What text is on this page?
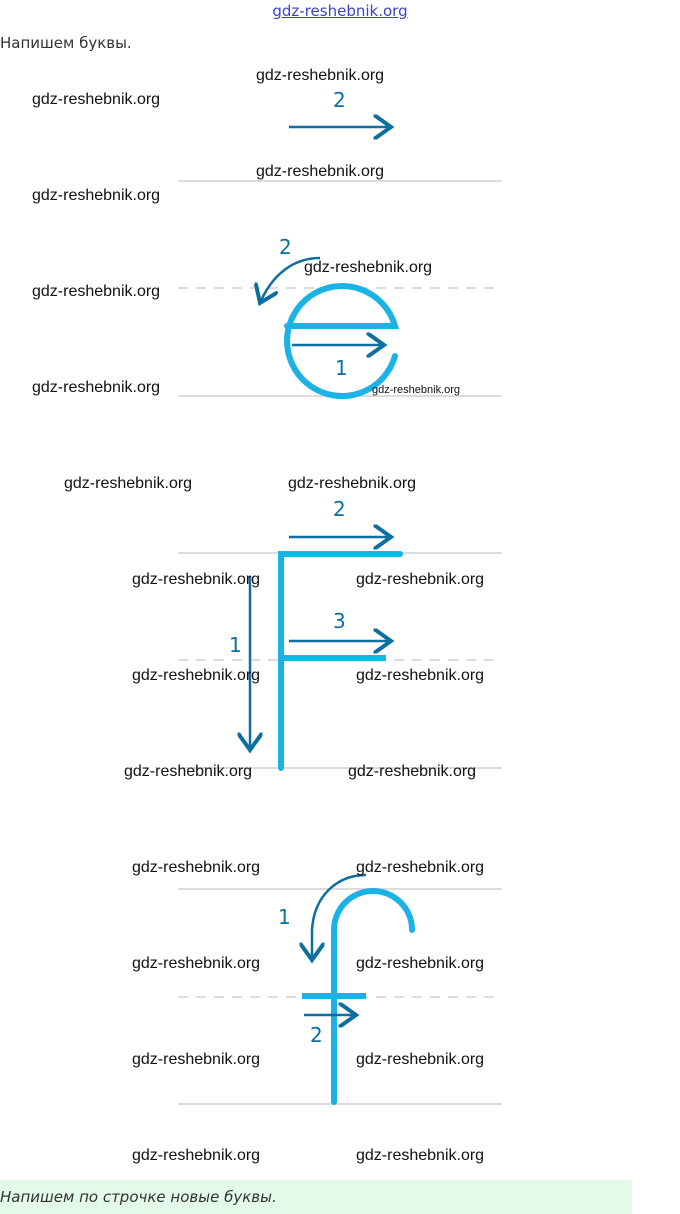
gdz-reshebnik.org
Напишем буквы.
2
2
1
2
3
1
1
2
gdz-reshebnik.org
gdz-reshebnik.org
gdz-reshebnik.org
gdz-reshebnik.org
gdz-reshebnik.org
gdz-reshebnik.org
gdz-reshebnik.org	gdz-reshebnik.org
gdz-reshebnik.org	gdz-reshebnik.org
gdz-reshebnik.org	gdz-reshebnik.org
gdz-reshebnik.org	gdz-reshebnik.org
gdz-reshebnik.org	gdz-reshebnik.org
gdz-reshebnik.org	gdz-reshebnik.org
gdz-reshebnik.org	gdz-reshebnik.org
gdz-reshebnik.org	gdz-reshebnik.org
gdz-reshebnik.org	gdz-reshebnik.org
Напишем по строчке новые буквы.
